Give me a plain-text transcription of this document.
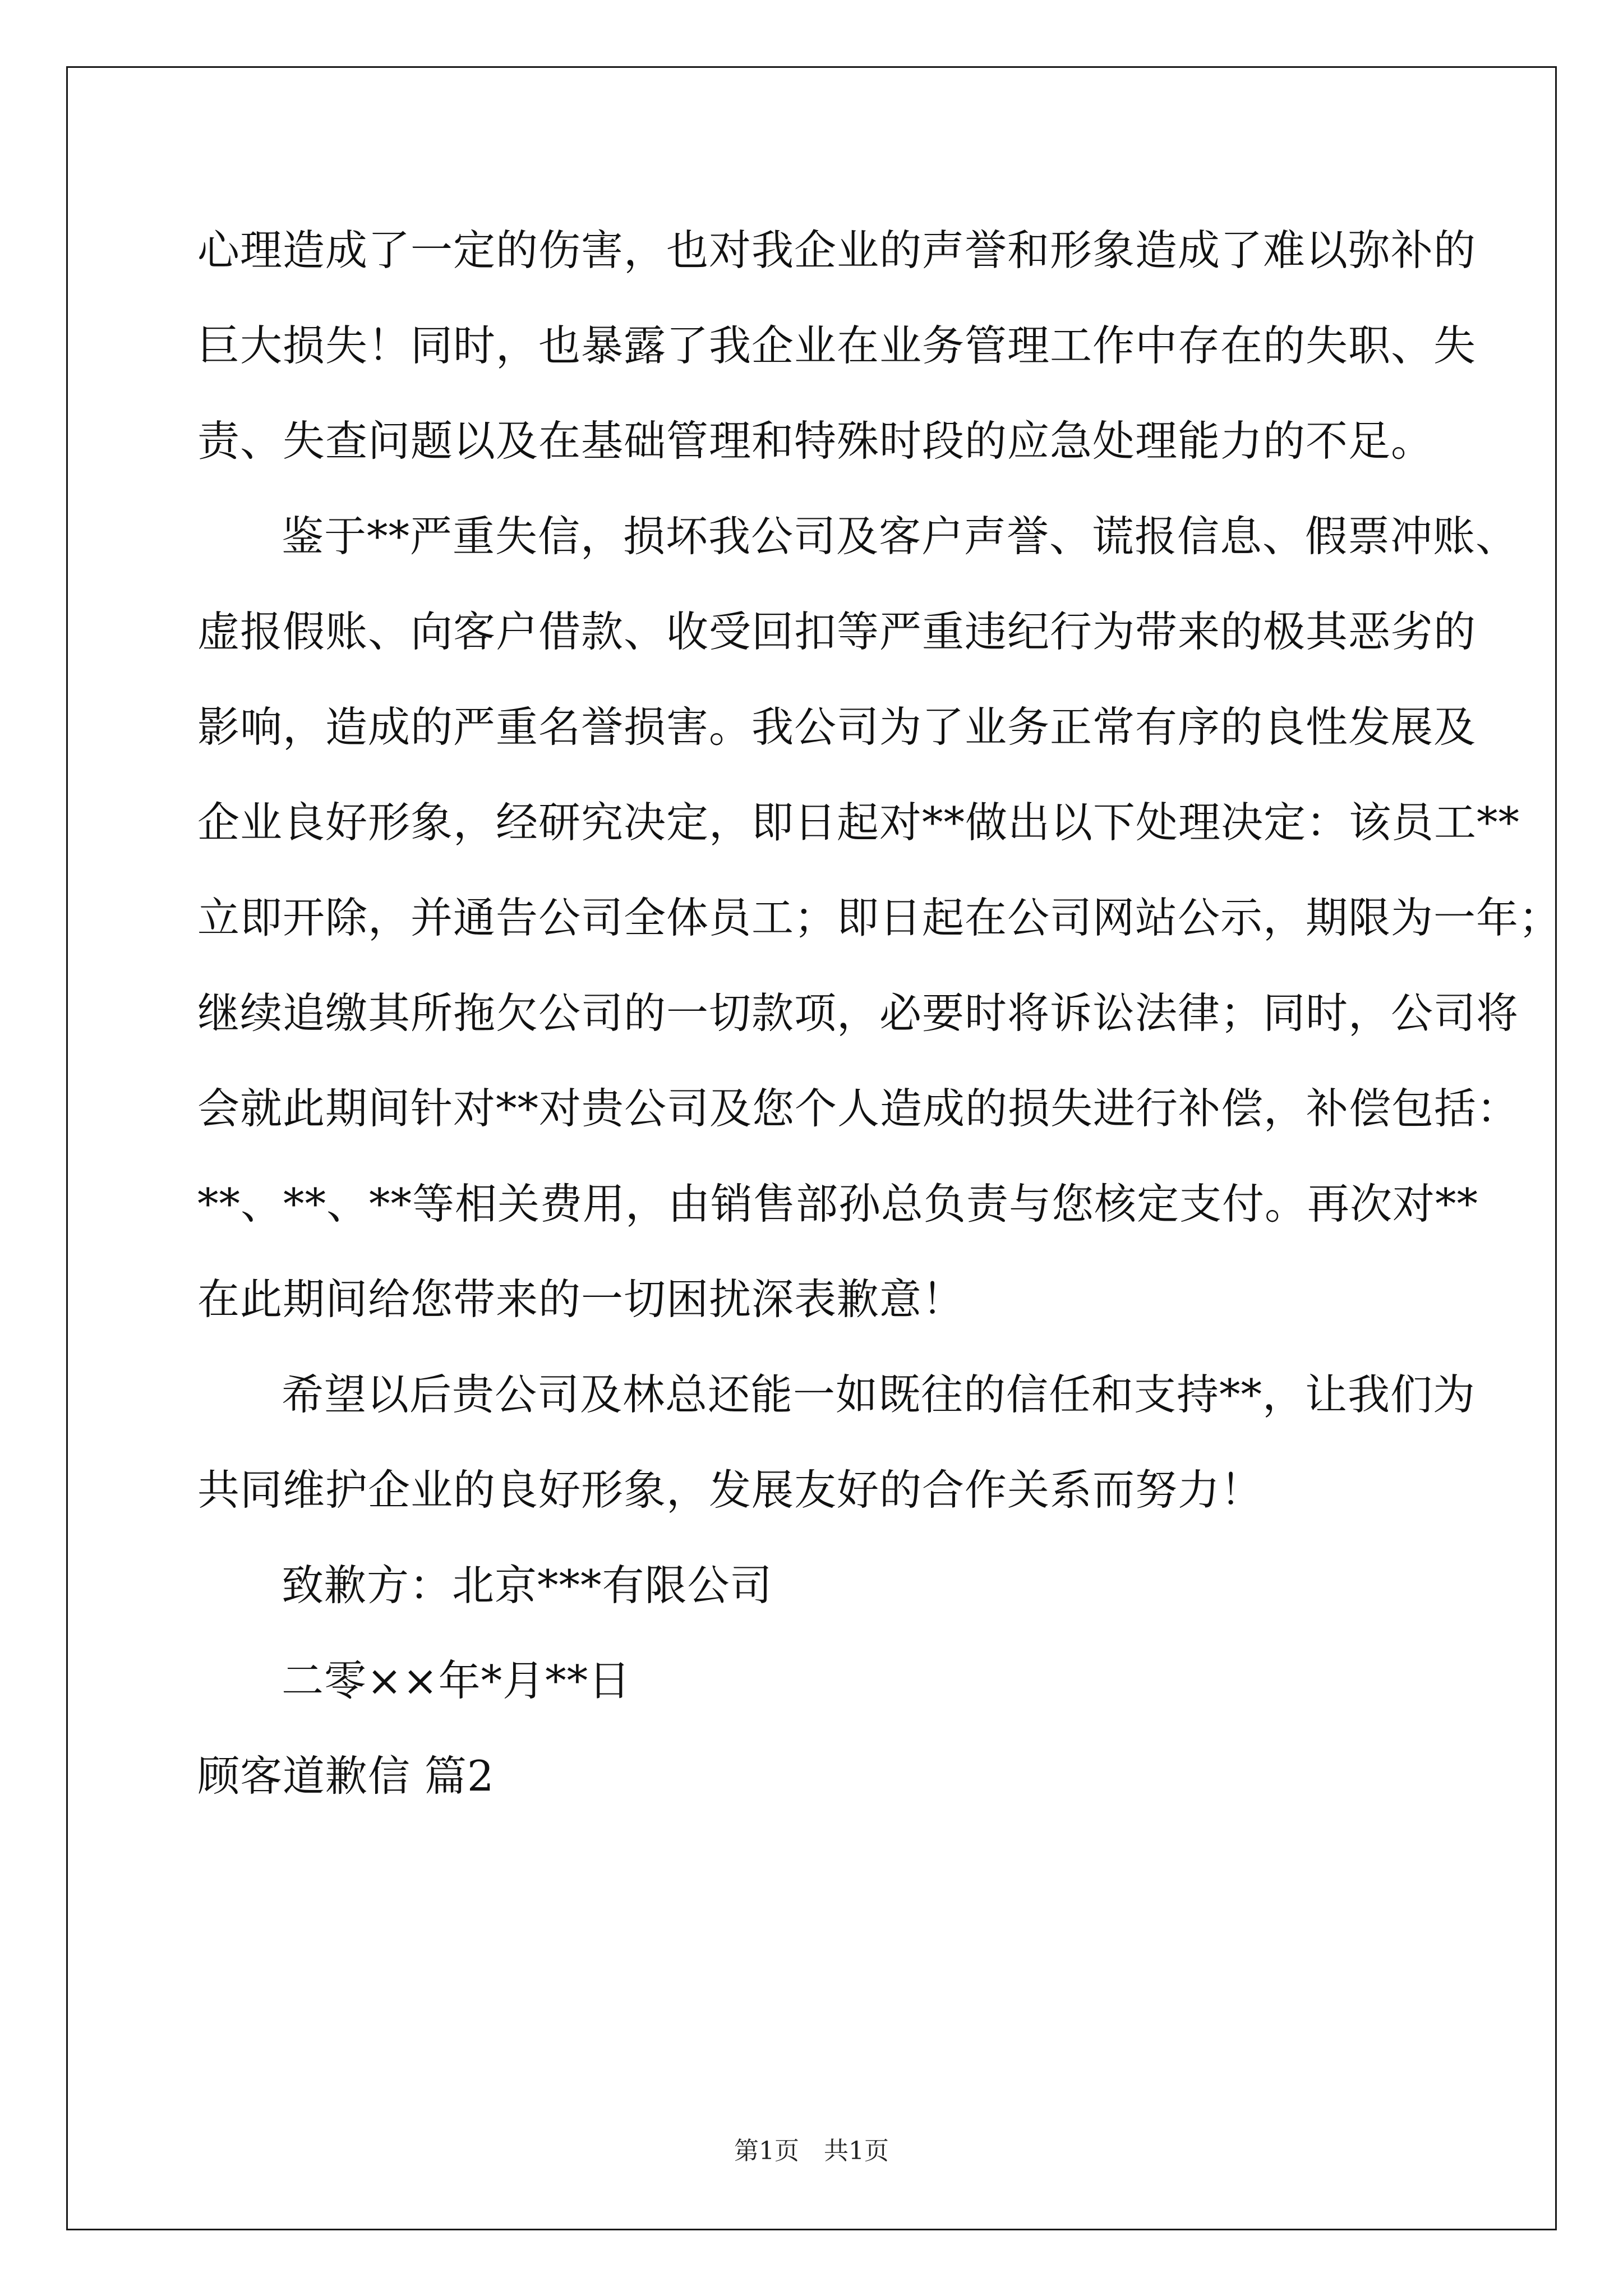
心理造成了一定的伤害，也对我企业的声誉和形象造成了难以弥补的
巨大损失！同时，也暴露了我企业在业务管理工作中存在的失职、失
责、失查问题以及在基础管理和特殊时段的应急处理能力的不足。
鉴于**严重失信，损坏我公司及客户声誉、谎报信息、假票冲账、
虚报假账、向客户借款、收受回扣等严重违纪行为带来的极其恶劣的
影响，造成的严重名誉损害。我公司为了业务正常有序的良性发展及
企业良好形象，经研究决定，即日起对**做出以下处理决定：该员工**
立即开除，并通告公司全体员工；即日起在公司网站公示，期限为一年；
继续追缴其所拖欠公司的一切款项，必要时将诉讼法律；同时，公司将
会就此期间针对**对贵公司及您个人造成的损失进行补偿，补偿包括：
**、**、**等相关费用，由销售部孙总负责与您核定支付。再次对**
在此期间给您带来的一切困扰深表歉意！
希望以后贵公司及林总还能一如既往的信任和支持**，让我们为
共同维护企业的良好形象，发展友好的合作关系而努力！
致歉方：北京***有限公司
二零××年*月**日
顾客道歉信 篇2
第1页　共1页
